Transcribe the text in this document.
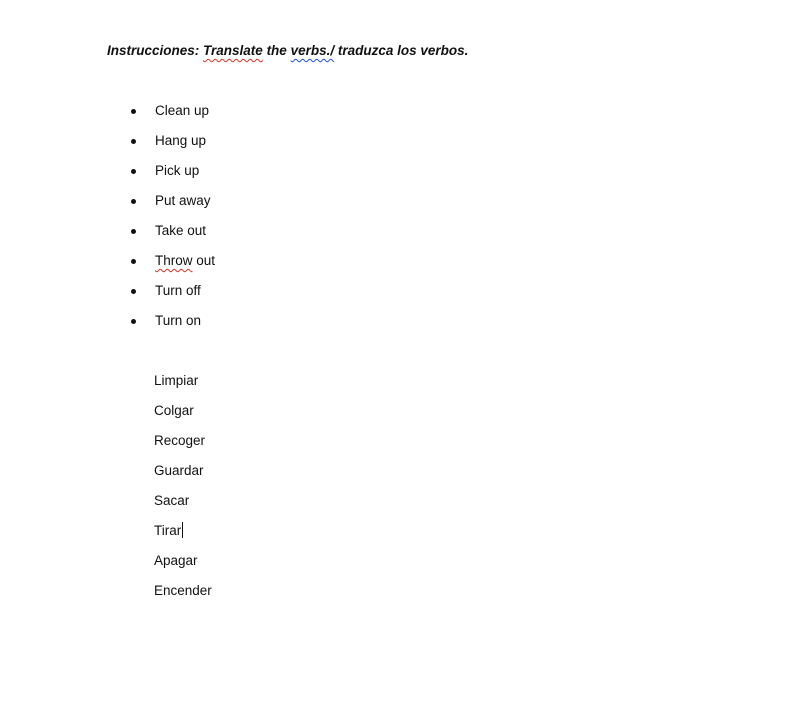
Instrucciones: Translate the verbs./ traduzca los verbos.
Clean up
Hang up
Pick up
Put away
Take out
Throw out
Turn off
Turn on
Limpiar
Colgar
Recoger
Guardar
Sacar
Tirar
Apagar
Encender
